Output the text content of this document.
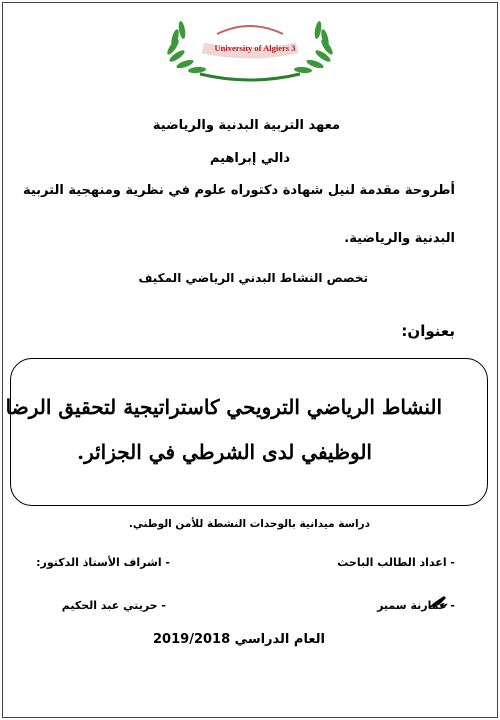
University of Algiers 3
معهد التربية البدنية والرياضية
دالي إبراهيم
أطروحة مقدمة لنيل شهادة دكتوراه علوم في نظرية ومنهجية التربية
البدنية والرياضية.
تخصص النشاط البدني الرياضي المكيف
بعنوان:
النشاط الرياضي الترويحي كاستراتيجية لتحقيق الرضا
الوظيفي لدى الشرطي في الجزائر.
دراسة ميدانية بالوحدات النشطة للأمن الوطني.
- اعداد الطالب الباحث
- اشراف الأستاذ الدكتور:
- عمارنة سمير
- حريتي عبد الحكيم
العام الدراسي 2019/2018
